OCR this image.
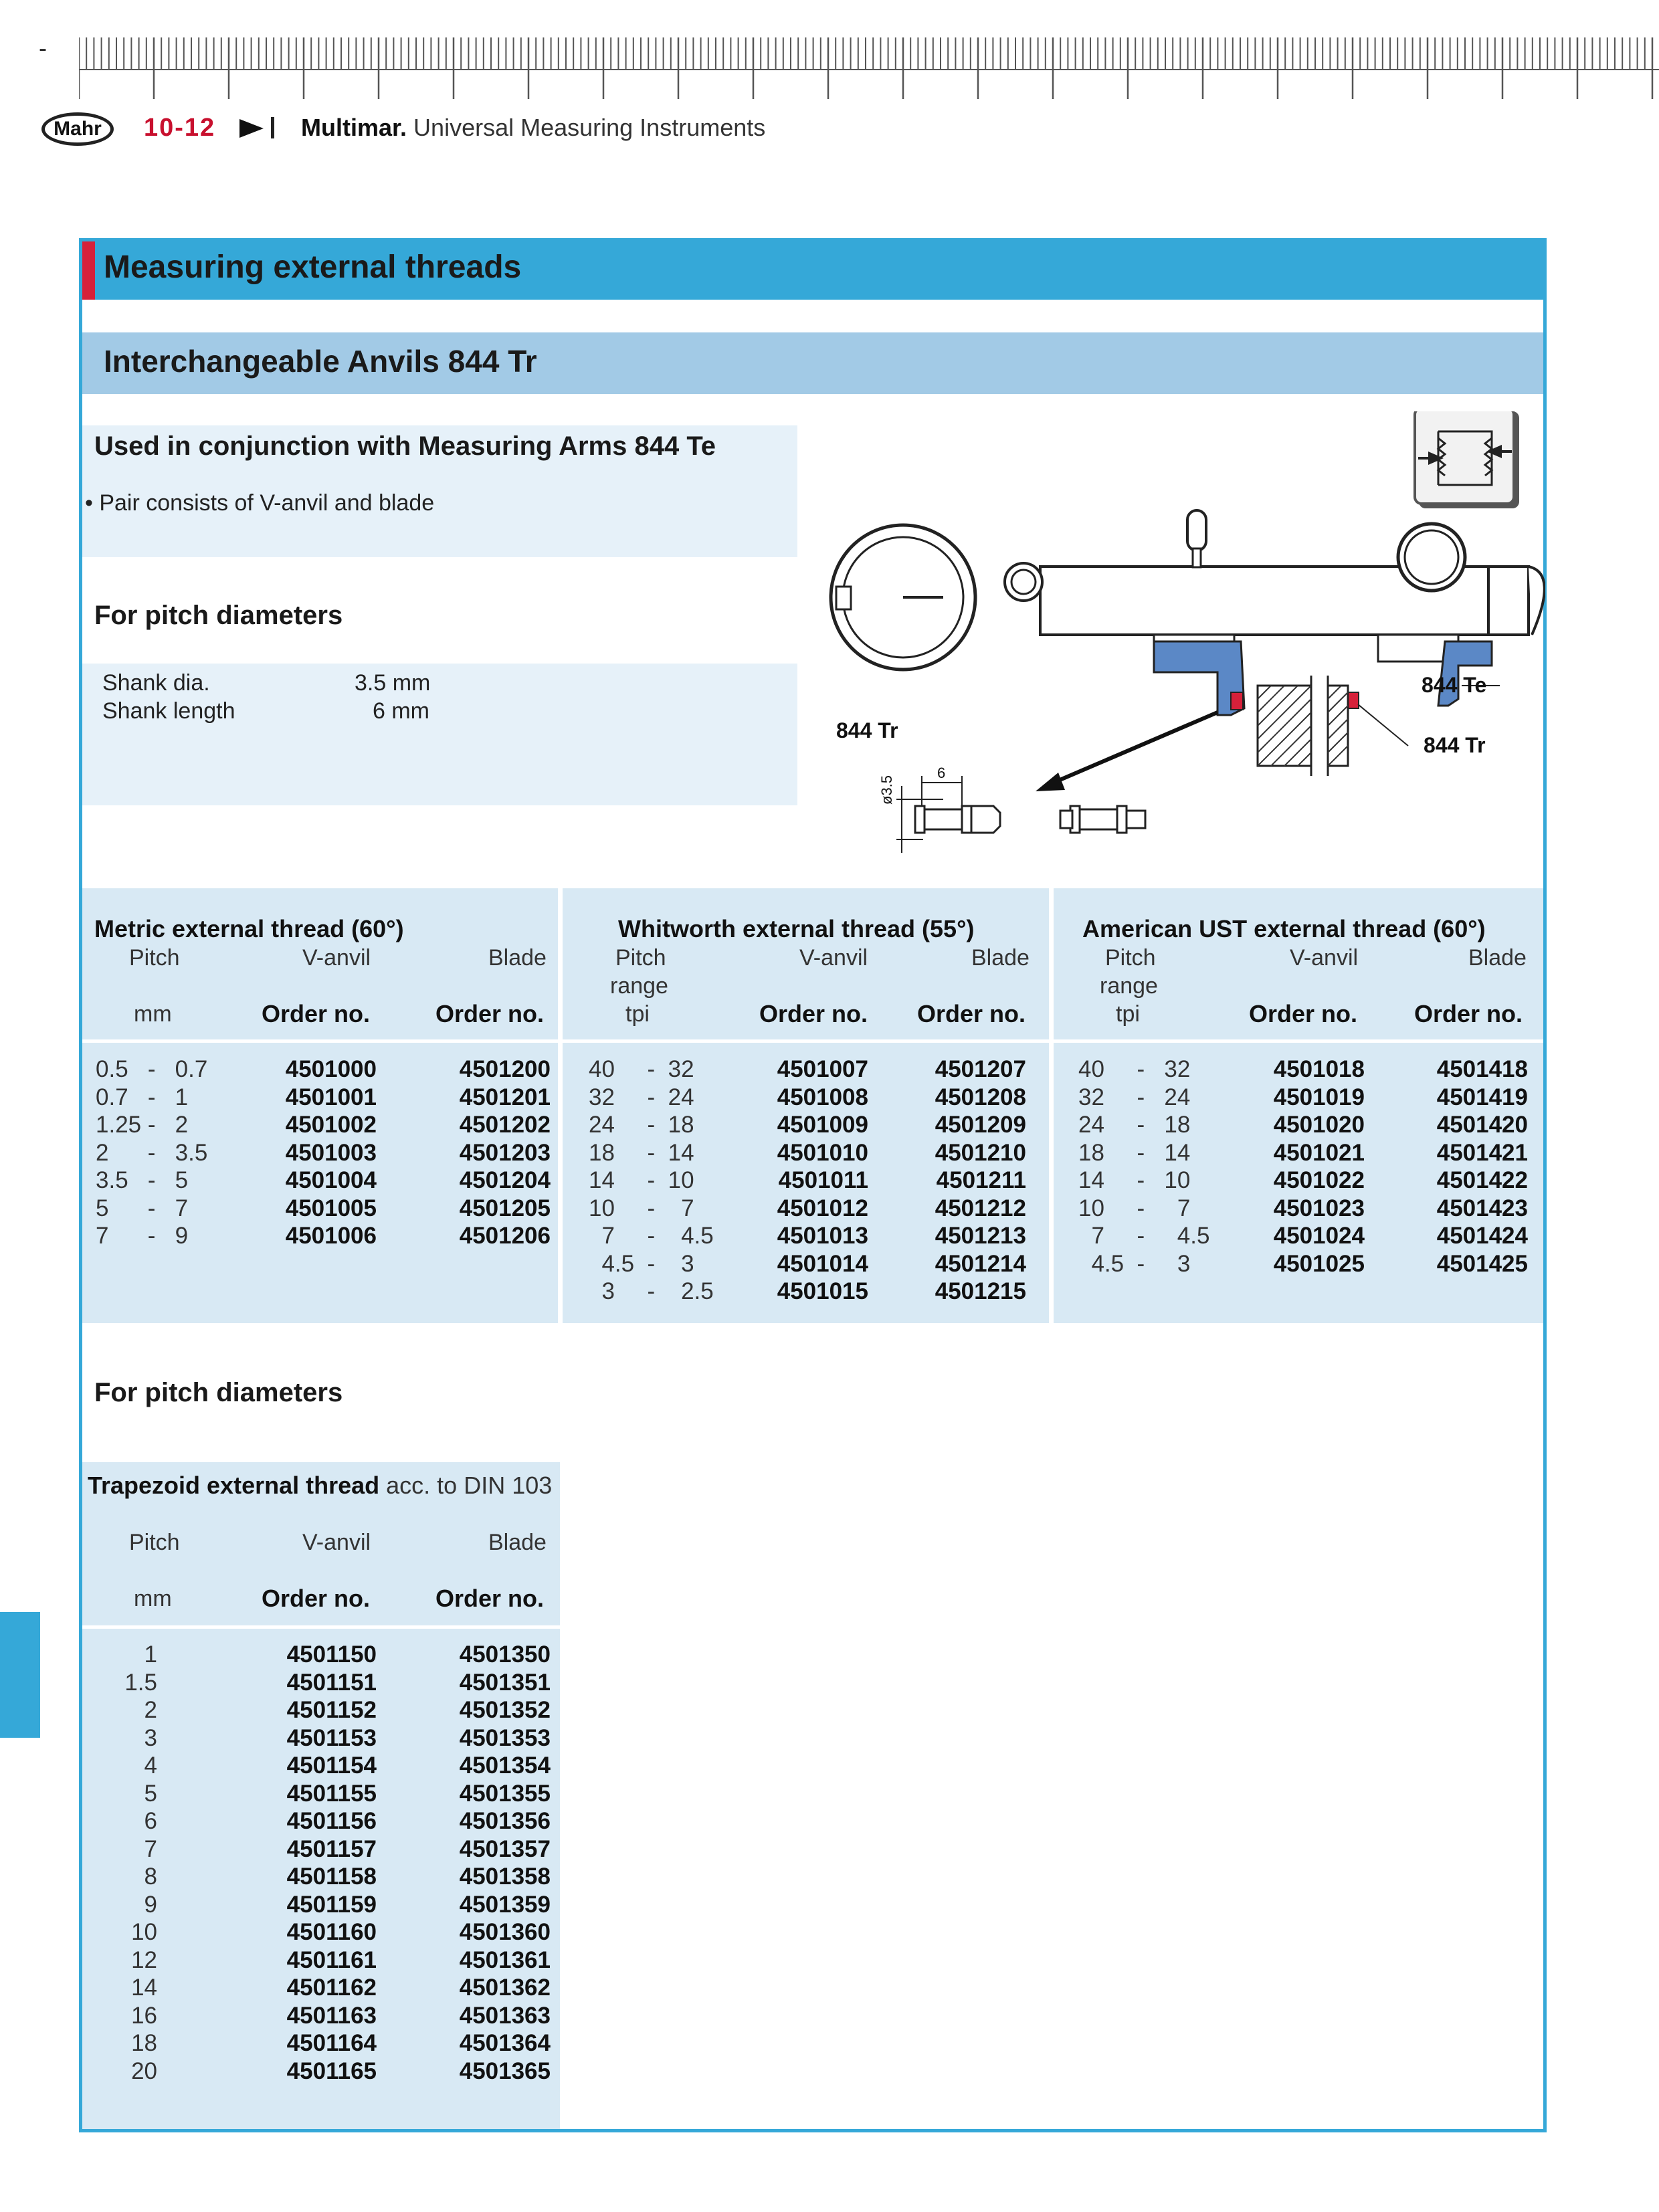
-
Mahr	10-12	Multimar. Universal Measuring Instruments
Measuring external threads
Interchangeable Anvils 844 Tr
Used in conjunction with Measuring Arms 844 Te
• Pair consists of V-anvil and blade
For pitch diameters
Shank dia.	3.5 mm
Shank length	6 mm
844 Te
844 Tr
844 Tr
ø3.5
6
Metric external thread (60°)
Pitch	V-anvil	Blade
mm	Order no.	Order no.
0.5   -   0.7	4501000	4501200
0.7   -   1	4501001	4501201
1.25 -   2	4501002	4501202
2      -   3.5	4501003	4501203
3.5   -   5	4501004	4501204
5      -   7	4501005	4501205
7      -   9	4501006	4501206
Whitworth external thread (55°)
Pitch
range
V-anvil	Blade
tpi	Order no. Order no.
40     -  32	4501007	4501207
32     -  24	4501008	4501208
24     -  18	4501009	4501209
18     -  14	4501010	4501210
14     -  10	4501011	4501211
10     -    7	4501012	4501212
7     -    4.5	4501013	4501213
4.5  -    3	4501014	4501214
3     -    2.5	4501015	4501215
American UST external thread (60°)
Pitch
range
V-anvil	Blade
tpi	Order no. Order no.
40     -   32	4501018	4501418
32     -   24	4501019	4501419
24     -   18	4501020	4501420
18     -   14	4501021	4501421
14     -   10	4501022	4501422
10     -     7	4501023	4501423
7     -     4.5	4501024	4501424
4.5  -     3	4501025	4501425
For pitch diameters
Trapezoid external thread acc. to DIN 103
Pitch	V-anvil	Blade
mm	Order no.	Order no.
1	4501150	4501350
1.5	4501151	4501351
2	4501152	4501352
3	4501153	4501353
4	4501154	4501354
5	4501155	4501355
6	4501156	4501356
7	4501157	4501357
8	4501158	4501358
9	4501159	4501359
10	4501160	4501360
12	4501161	4501361
14	4501162	4501362
16	4501163	4501363
18	4501164	4501364
20	4501165	4501365
